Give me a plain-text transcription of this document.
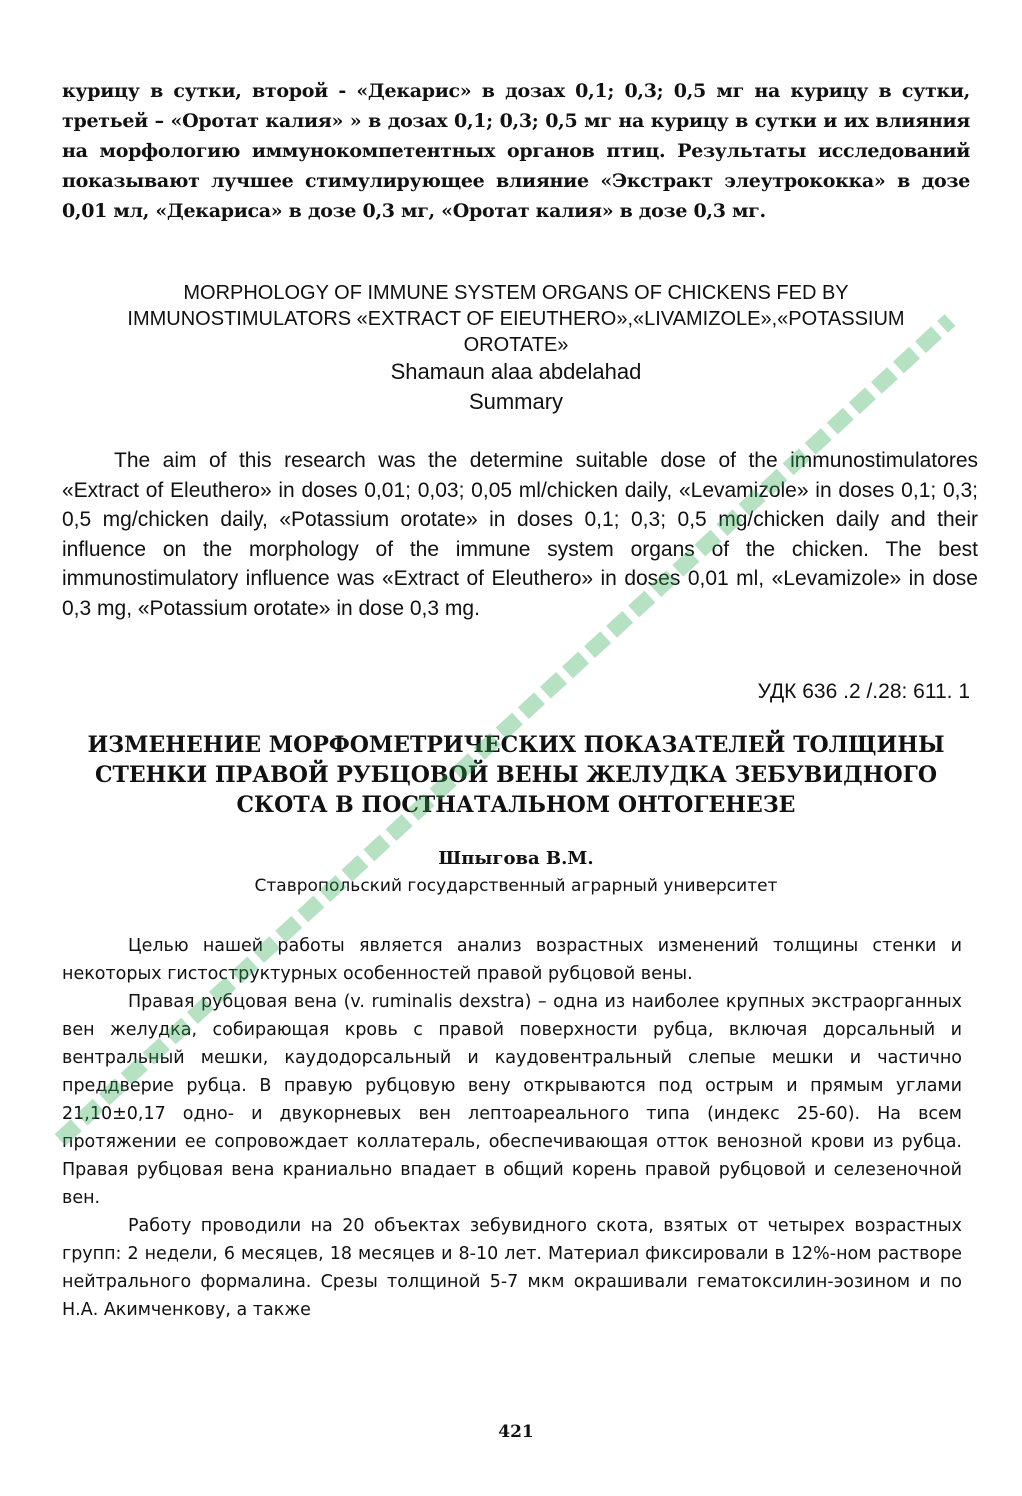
курицу в сутки, второй - «Декарис» в дозах 0,1; 0,3; 0,5 мг на курицу в сутки, третьей – «Оротат калия» » в дозах 0,1; 0,3; 0,5 мг на курицу в сутки и их влияния на морфологию иммунокомпетентных органов птиц. Результаты исследований показывают лучшее стимулирующее влияние «Экстракт элеутрококка» в дозе 0,01 мл, «Декариса» в дозе 0,3 мг, «Оротат калия» в дозе 0,3 мг.
MORPHOLOGY OF IMMUNE SYSTEM ORGANS OF CHICKENS FED BY
IMMUNOSTIMULATORS «EXTRACT OF EIEUTHERO»,«LIVAMIZOLE»,«POTASSIUM
OROTATE»
Shamaun alaa abdelahad
Summary
The aim of this research was the determine suitable dose of the immunostimulatores «Extract of Eleuthero» in doses 0,01; 0,03; 0,05 ml/chicken daily, «Levamizole» in doses 0,1; 0,3; 0,5 mg/chicken daily, «Potassium orotate» in doses 0,1; 0,3; 0,5 mg/chicken daily and their influence on the morphology of the immune system organs of the chicken. The best immunostimulatory influence was «Extract of Eleuthero» in doses 0,01 ml, «Levamizole» in dose 0,3 mg, «Potassium orotate» in dose 0,3 mg.
УДК 636 .2 /.28: 611. 1
ИЗМЕНЕНИЕ МОРФОМЕТРИЧЕСКИХ ПОКАЗАТЕЛЕЙ ТОЛЩИНЫ
СТЕНКИ ПРАВОЙ РУБЦОВОЙ ВЕНЫ ЖЕЛУДКА ЗЕБУВИДНОГО
СКОТА В ПОСТНАТАЛЬНОМ ОНТОГЕНЕЗЕ
Шпыгова В.М.
Ставропольский государственный аграрный университет

Целью нашей работы является анализ возрастных изменений толщины стенки и некоторых гистоструктурных особенностей правой рубцовой вены.

Правая рубцовая вена (v. ruminalis dexstra) – одна из наиболее крупных экстраорганных вен желудка, собирающая кровь с правой поверхности рубца, включая дорсальный и вентральный мешки, каудодорсальный и каудовентральный слепые мешки и частично преддверие рубца. В правую рубцовую вену открываются под острым и прямым углами 21,10±0,17 одно- и двукорневых вен лептоареального типа (индекс 25-60). На всем протяжении ее сопровождает коллатераль, обеспечивающая отток венозной крови из рубца. Правая рубцовая вена краниально впадает в общий корень правой рубцовой и селезеночной вен.

Работу проводили на 20 объектах зебувидного скота, взятых от четырех возрастных групп: 2 недели, 6 месяцев, 18 месяцев и 8-10 лет. Материал фиксировали в 12%-ном растворе нейтрального формалина. Срезы толщиной 5-7 мкм окрашивали гематоксилин-эозином и по Н.А. Акимченкову, а также

421
